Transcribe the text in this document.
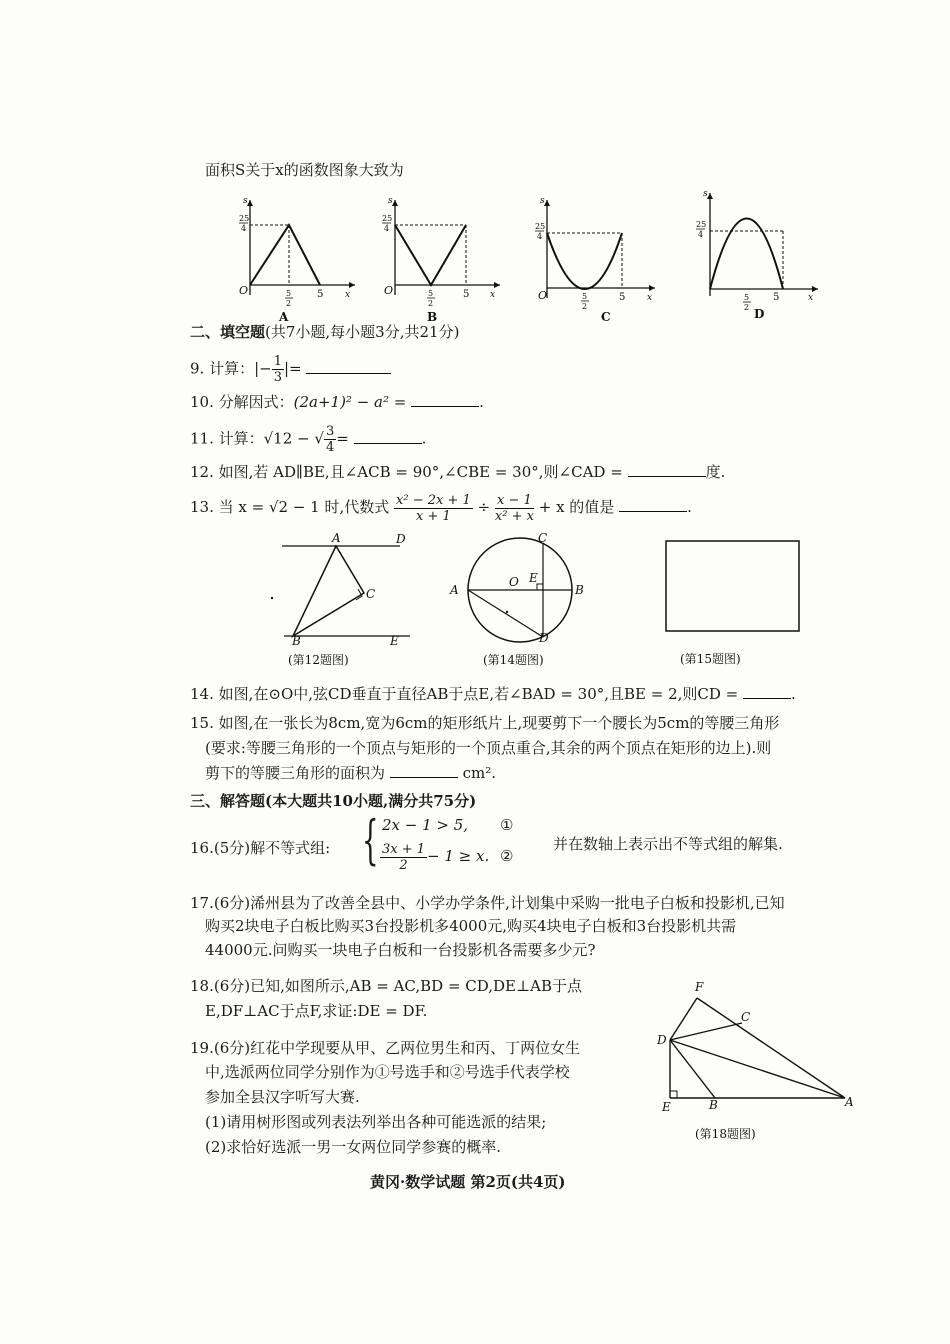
面积S关于x的函数图象大致为
s
25
4
O	5
2
5 x
A
s
25
4
O	5
2
5 x
B
s
25
4
O	5
2
5 x
C
s
25
4
5
2
5	x
D
二、填空题(共7小题,每小题3分,共21分)
9. 计算：|− $\frac{1}{3}$ |=
10. 分解因式：(2a+1)² − a² =	.
11. 计算：√12 − √ $\frac{3}{4}$ =	.
12. 如图,若 AD∥BE,且∠ACB = 90°,∠CBE = 30°,则∠CAD =	度.
13. 当 x = √2 − 1 时,代数式 $\frac{\text{x² − 2x + 1}}{x + 1} \div \frac{x - 1}{\text{x² + x}} + x$ 的值是	.
A	D
C
B	E
(第12题图)
C
O E
A	B
D
(第14题图)	(第15题图)
14. 如图,在⊙O中,弦CD垂直于直径AB于点E,若∠BAD = 30°,且BE = 2,则CD =	.
15. 如图,在一张长为8cm,宽为6cm的矩形纸片上,现要剪下一个腰长为5cm的等腰三角形
(要求:等腰三角形的一个顶点与矩形的一个顶点重合,其余的两个顶点在矩形的边上).则
剪下的等腰三角形的面积为	cm².
三、解答题(本大题共10小题,满分共75分)
16.(5分)解不等式组: { 2x − 1 > 5, ①
$\frac{3x + 1}{2} - 1 \ge x$. ②
并在数轴上表示出不等式组的解集.
17.(6分)浠州县为了改善全县中、小学办学条件,计划集中采购一批电子白板和投影机,已知
购买2块电子白板比购买3台投影机多4000元,购买4块电子白板和3台投影机共需
44000元.问购买一块电子白板和一台投影机各需要多少元?
18.(6分)已知,如图所示,AB = AC,BD = CD,DE⊥AB于点
E,DF⊥AC于点F,求证:DE = DF.
19.(6分)红花中学现要从甲、乙两位男生和丙、丁两位女生
中,选派两位同学分别作为①号选手和②号选手代表学校
参加全县汉字听写大赛.
(1)请用树形图或列表法列举出各种可能选派的结果;
(2)求恰好选派一男一女两位同学参赛的概率.
F
C
D
E	B	A
(第18题图)
黄冈·数学试题 第2页(共4页)
